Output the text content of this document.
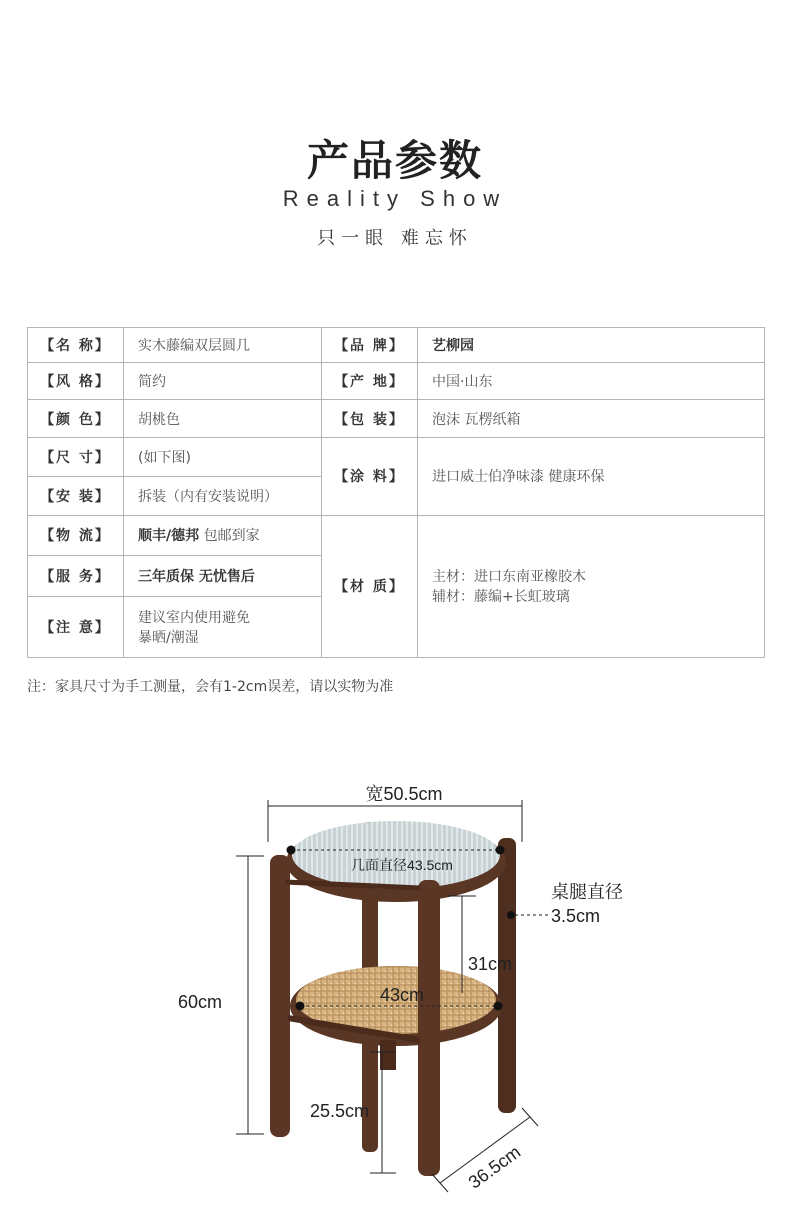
产品参数
Reality Show
只一眼 难忘怀
【名 称】	实木藤编双层圆几	【品 牌】	艺柳园
【风 格】	简约	【产 地】	中国·山东
【颜 色】	胡桃色	【包 装】	泡沫 瓦楞纸箱
【尺 寸】	(如下图)	【涂 料】	进口威士伯净味漆 健康环保
【安 装】	拆装（内有安装说明）		
【物 流】	顺丰/德邦 包邮到家	【材 质】	主材：进口东南亚橡胶木
辅材：藤编+长虹玻璃

【服 务】	三年质保 无忧售后		
【注 意】	建议室内使用避免
暴晒/潮湿		
注：家具尺寸为手工测量，会有1-2cm误差，请以实物为准
宽50.5cm
几面直径43.5cm
桌腿直径
3.5cm
31cm
60cm	43cm
25.5cm
36.5cm
